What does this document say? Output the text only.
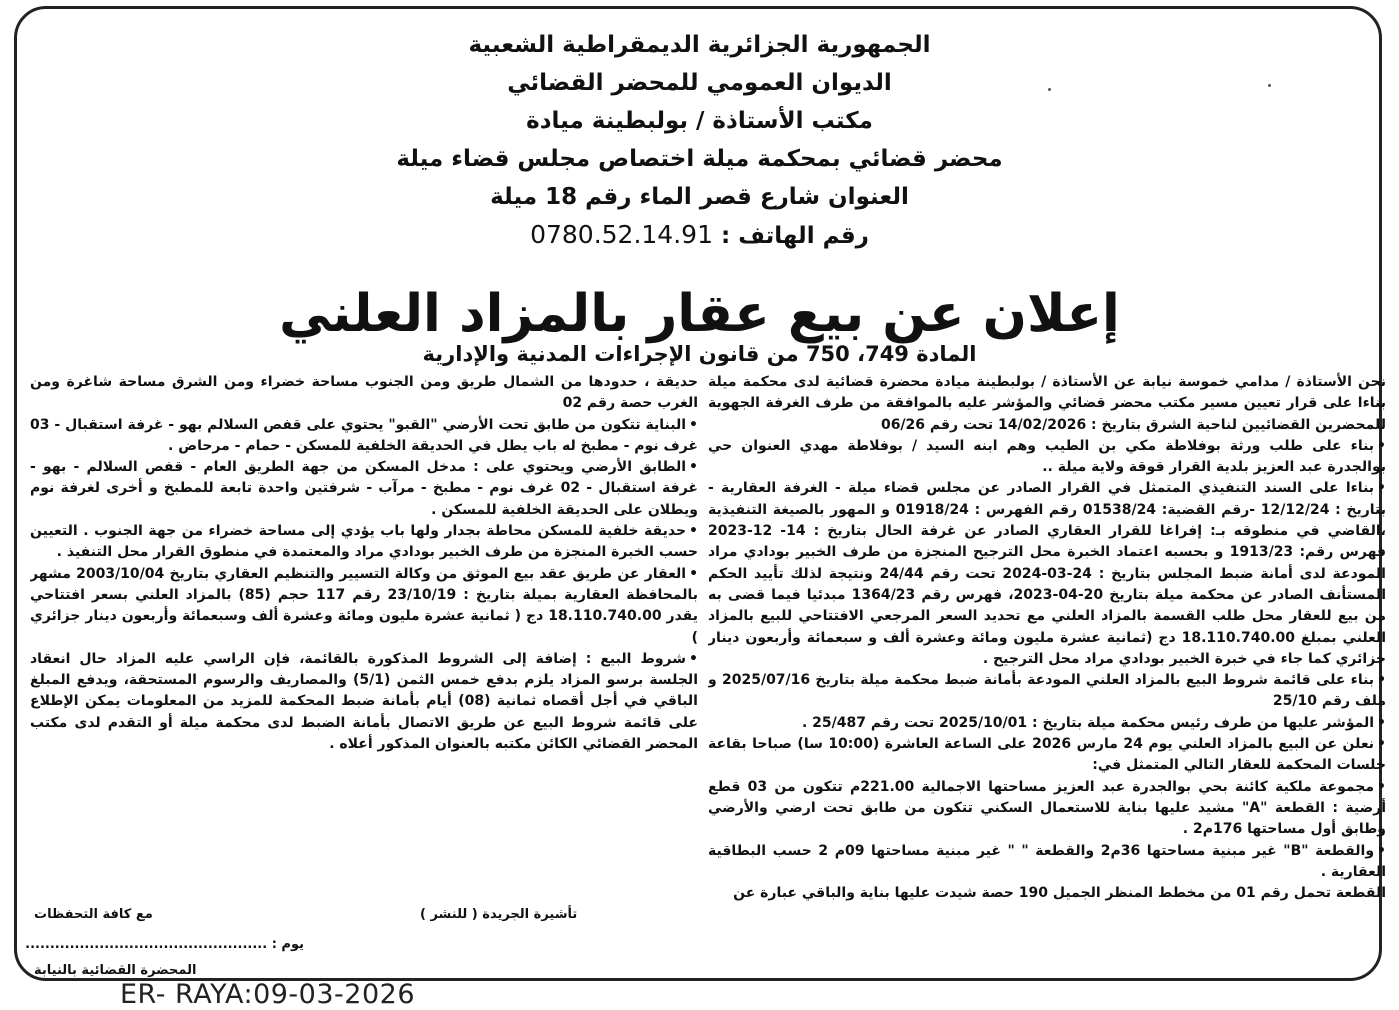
الجمهورية الجزائرية الديمقراطية الشعبية
الديوان العمومي للمحضر القضائي
مكتب الأستاذة / بولبطينة ميادة
محضر قضائي بمحكمة ميلة اختصاص مجلس قضاء ميلة
العنوان شارع قصر الماء رقم 18 ميلة
رقم الهاتف : 0780.52.14.91
إعلان عن بيع عقار بالمزاد العلني
المادة 749، 750 من قانون الإجراءات المدنية والإدارية

نحن الأستاذة / مدامي خموسة نيابة عن الأستاذة / بولبطينة ميادة محضرة قضائية لدى محكمة ميلة بناءا على قرار تعيين مسير مكتب محضر قضائي والمؤشر عليه بالموافقة من طرف الغرفة الجهوية للمحضرين القضائيين لناحية الشرق بتاريخ : 14/02/2026 تحت رقم 06/26

• بناء على طلب ورثة بوفلاطة مكي بن الطيب وهم ابنه السيد / بوفلاطة مهدي العنوان حي بوالجدرة عبد العزيز بلدية القرار قوقة ولاية ميلة ..

• بناءا على السند التنفيذي المتمثل في القرار الصادر عن مجلس قضاء ميلة - الغرفة العقارية - بتاريخ : 12/12/24 -رقم القضية: 01538/24 رقم الفهرس : 01918/24 و المهور بالصيغة التنفيذية ،القاضي في منطوقه بـ: إفراغا للقرار العقاري الصادر عن غرفة الحال بتاريخ : 14- 12-2023 فهرس رقم: 1913/23 و بحسبه اعتماد الخبرة محل الترجيح المنجزة من طرف الخبير بودادي مراد المودعة لدى أمانة ضبط المجلس بتاريخ : 24-03-2024 تحت رقم 24/44 ونتيجة لذلك تأييد الحكم المستأنف الصادر عن محكمة ميلة بتاريخ 20-04-2023، فهرس رقم 1364/23 مبدئيا فيما قضى به من بيع للعقار محل طلب القسمة بالمزاد العلني مع تحديد السعر المرجعي الافتتاحي للبيع بالمزاد العلني بمبلغ 18.110.740.00 دج (ثمانية عشرة مليون ومائة وعشرة ألف و سبعمائة وأربعون دينار جزائري كما جاء في خبرة الخبير بودادي مراد محل الترجيح .

• بناء على قائمة شروط البيع بالمزاد العلني المودعة بأمانة ضبط محكمة ميلة بتاريخ 2025/07/16 و ملف رقم 25/10

• المؤشر عليها من طرف رئيس محكمة ميلة بتاريخ : 2025/10/01 تحت رقم 25/487 .

• نعلن عن البيع بالمزاد العلني يوم 24 مارس 2026 على الساعة العاشرة (10:00 سا) صباحا بقاعة جلسات المحكمة للعقار التالي المتمثل في:

• مجموعة ملكية كائنة بحي بوالجدرة عبد العزيز مساحتها الاجمالية 221.00م تتكون من 03 قطع أرضية : القطعة "A" مشيد عليها بناية للاستعمال السكني تتكون من طابق تحت ارضي والأرضي وطابق أول مساحتها 176م2 .

• والقطعة "B" غير مبنية مساحتها 36م2 والقطعة " " غير مبنية مساحتها 09م 2 حسب البطاقية العقارية .

القطعة تحمل رقم 01 من مخطط المنظر الجميل 190 حصة شيدت عليها بناية والباقي عبارة عن

حديقة ، حدودها من الشمال طريق ومن الجنوب مساحة خضراء ومن الشرق مساحة شاغرة ومن الغرب حصة رقم 02

• البناية تتكون من طابق تحت الأرضي "القبو" يحتوي على قفص السلالم بهو - غرفة استقبال - 03 غرف نوم - مطبخ له باب يطل في الحديقة الخلفية للمسكن - حمام - مرحاض .

• الطابق الأرضي ويحتوي على : مدخل المسكن من جهة الطريق العام - قفص السلالم - بهو - غرفة استقبال - 02 غرف نوم - مطبخ - مرآب - شرفتين واحدة تابعة للمطبخ و أخرى لغرفة نوم ويطلان على الحديقة الخلفية للمسكن .

• حديقة خلفية للمسكن محاطة بجدار ولها باب يؤدي إلى مساحة خضراء من جهة الجنوب . التعيين حسب الخبرة المنجزة من طرف الخبير بودادي مراد والمعتمدة في منطوق القرار محل التنفيذ .

• العقار عن طريق عقد بيع الموثق من وكالة التسيير والتنظيم العقاري بتاريخ 2003/10/04 مشهر بالمحافظة العقارية بميلة بتاريخ : 23/10/19 رقم 117 حجم (85) بالمزاد العلني بسعر افتتاحي يقدر 18.110.740.00 دج ( ثمانية عشرة مليون ومائة وعشرة ألف وسبعمائة وأربعون دينار جزائري )

• شروط البيع : إضافة إلى الشروط المذكورة بالقائمة، فإن الراسي عليه المزاد حال انعقاد الجلسة برسو المزاد يلزم بدفع خمس الثمن (5/1) والمصاريف والرسوم المستحقة، ويدفع المبلغ الباقي في أجل أقصاه ثمانية (08) أيام بأمانة ضبط المحكمة للمزيد من المعلومات يمكن الإطلاع على قائمة شروط البيع عن طريق الاتصال بأمانة الضبط لدى محكمة ميلة أو التقدم لدى مكتب المحضر القضائي الكائن مكتبه بالعنوان المذكور أعلاه .

تأشيرة الجريدة ( للنشر )
مع كافة التحفظات
يوم : .................................................
المحضرة القضائية بالنيابة
ER- RAYA:09-03-2026
